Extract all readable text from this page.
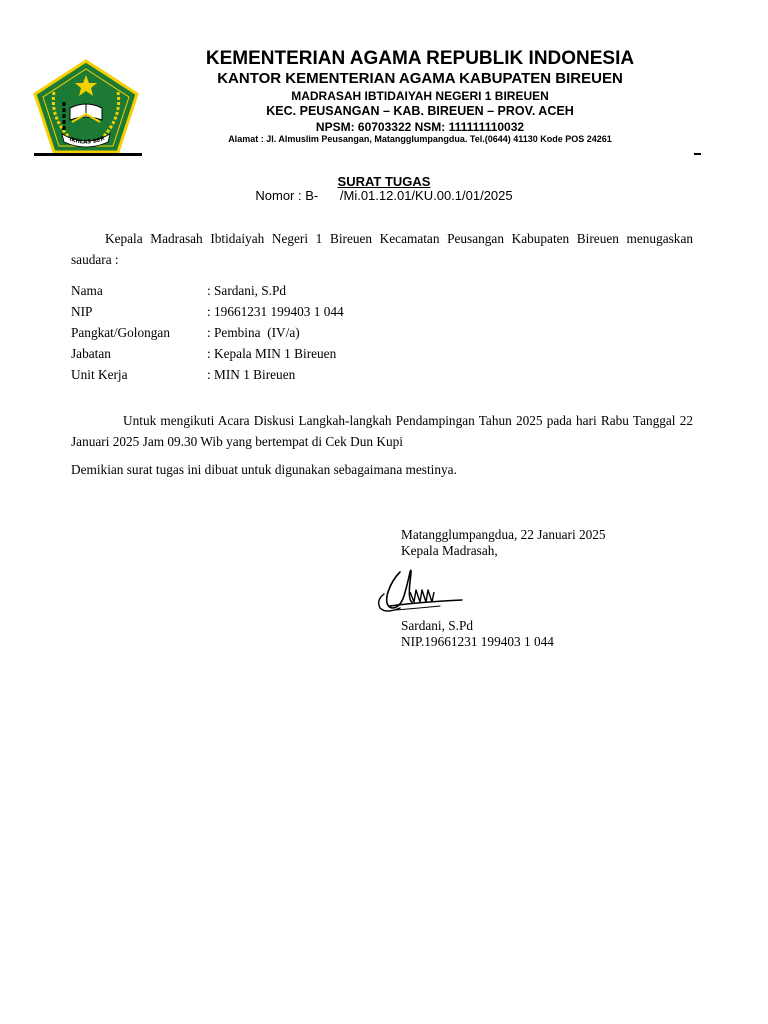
IKHLAS BER
KEMENTERIAN AGAMA REPUBLIK INDONESIA
KANTOR KEMENTERIAN AGAMA KABUPATEN BIREUEN
MADRASAH IBTIDAIYAH NEGERI 1 BIREUEN
KEC. PEUSANGAN – KAB. BIREUEN – PROV. ACEH
NPSM: 60703322 NSM: 111111110032
Alamat : Jl. Almuslim Peusangan, Matangglumpangdua. Tel.(0644) 41130 Kode POS 24261
SURAT TUGAS
Nomor : B-      /Mi.01.12.01/KU.00.1/01/2025
Kepala Madrasah Ibtidaiyah Negeri 1 Bireuen Kecamatan Peusangan Kabupaten Bireuen menugaskan saudara :
Nama	: Sardani, S.Pd
NIP	: 19661231 199403 1 044
Pangkat/Golongan	: Pembina  (IV/a)
Jabatan	: Kepala MIN 1 Bireuen
Unit Kerja	: MIN 1 Bireuen
Untuk mengikuti Acara Diskusi Langkah-langkah Pendampingan Tahun 2025 pada hari Rabu Tanggal 22 Januari 2025 Jam 09.30 Wib yang bertempat di Cek Dun Kupi
Demikian surat tugas ini dibuat untuk digunakan sebagaimana mestinya.
Matangglumpangdua, 22 Januari 2025
Kepala Madrasah,
Sardani, S.Pd
NIP.19661231 199403 1 044
